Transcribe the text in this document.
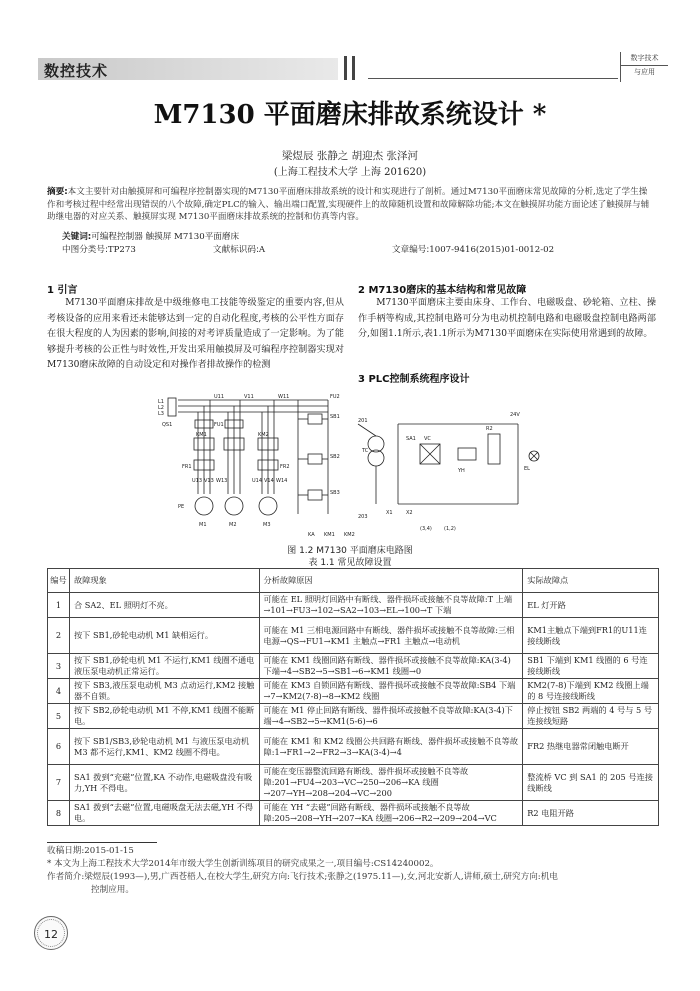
数控技术
数字技术
与应用
M7130 平面磨床排故系统设计 *
梁煜辰 张静之 胡迎杰 张泽河
(上海工程技术大学 上海 201620)
摘要:本文主要针对由触摸屏和可编程序控制器实现的M7130平面磨床排故系统的设计和实现进行了剖析。通过M7130平面磨床常见故障的分析,选定了学生操作和考核过程中经常出现错误的八个故障,确定PLC的输入、输出端口配置,实现硬件上的故障随机设置和故障解除功能;本文在触摸屏功能方面论述了触摸屏与辅助继电器的对应关系、触摸屏实现 M7130平面磨床排故系统的控制和仿真等内容。
关键词:可编程控制器 触摸屏 M7130平面磨床
中图分类号:TP273	文献标识码:A	文章编号:1007-9416(2015)01-0012-02
1 引言
M7130平面磨床排故是中级维修电工技能等级鉴定的重要内容,但从考核设备的应用来看还未能够达到一定的自动化程度,考核的公平性方面存在很大程度的人为因素的影响,间接的对考评质量造成了一定影响。为了能够提升考核的公正性与时效性,开发出采用触摸屏及可编程序控制器实现对M7130磨床故障的自动设定和对操作者排故操作的检测
2 M7130磨床的基本结构和常见故障
M7130平面磨床主要由床身、工作台、电磁吸盘、砂轮箱、立柱、操作手柄等构成,其控制电路可分为电动机控制电路和电磁吸盘控制电路两部分,如图1.1所示,表1.1所示为M7130平面磨床在实际使用常遇到的故障。
3 PLC控制系统程序设计
L1
L2
L3
QS1
U11	V11	W11
FU1
FU2
KM1	KM2
FR1	FR2
U13 V13 W13	U14 V14 W14
M1	M2	M3
PE
24V
TC
SA1
YH
SB1
SB2
SB3
KA KM1 KM2
VC
R2
EL
X1	X2
201
203
(3,4) (1,2)
图 1.2 M7130 平面磨床电路图
表 1.1 常见故障设置
编号	故障现象	分析故障原因	实际故障点
1	合 SA2、EL 照明灯不亮。	可能在 EL 照明灯回路中有断线、器件损坏或接触不良等故障:T 上端→101→FU3→102→SA2→103→EL→100→T 下端	EL 灯开路
2	按下 SB1,砂轮电动机 M1 缺相运行。	可能在 M1 三相电源回路中有断线、器件损坏或接触不良等故障:三相电源→QS→FU1→KM1 主触点→FR1 主触点→电动机	KM1主触点下端到FR1的U11连接线断线
3	按下 SB1,砂轮电机 M1 不运行,KM1 线圈不通电液压泵电动机正常运行。	可能在 KM1 线圈回路有断线、器件损坏或接触不良等故障:KA(3-4)下端→4→SB2→5→SB1→6→KM1 线圈→0	SB1 下端到 KM1 线圈的 6 号连接线断线
4	按下 SB3,液压泵电动机 M3 点动运行,KM2 接触器不自锁。	可能在 KM3 自锁回路有断线、器件损坏或接触不良等故障:SB4 下端→7→KM2(7-8)→8→KM2 线圈	KM2(7-8)下端到 KM2 线圈上端的 8 号连接线断线
5	按下 SB2,砂轮电动机 M1 不停,KM1 线圈不能断电。	可能在 M1 停止回路有断线、器件损坏或接触不良等故障:KA(3-4)下端→4→SB2→5→KM1(5-6)→6	停止按钮 SB2 两端的 4 号与 5 号连接线短路
6	按下 SB1/SB3,砂轮电动机 M1 与液压泵电动机 M3 都不运行,KM1、KM2 线圈不得电。	可能在 KM1 和 KM2 线圈公共回路有断线、器件损坏或接触不良等故障:1→FR1→2→FR2→3→KA(3-4)→4	FR2 热继电器常闭触电断开
7	SA1 拨到“充磁”位置,KA 不动作,电磁吸盘没有吸力,YH 不得电。	可能在变压器整流回路有断线、器件损坏或接触不良等故障:201→FU4→203→VC→250→206→KA 线圈→207→YH→208→204→VC→200	整流桥 VC 到 SA1 的 205 号连接线断线
8	SA1 拨到“去磁”位置,电磁吸盘无法去磁,YH 不得电。	可能在 YH “去磁”回路有断线、器件损坏或接触不良等故障:205→208→YH→207→KA 线圈→206→R2→209→204→VC	R2 电阻开路
收稿日期:2015-01-15
* 本文为上海工程技术大学2014年市级大学生创新训练项目的研究成果之一,项目编号:CS14240002。
作者简介:梁煜辰(1993—),男,广西苍梧人,在校大学生,研究方向:飞行技术;张静之(1975.11—),女,河北安新人,讲师,硕士,研究方向:机电
控制应用。
12
